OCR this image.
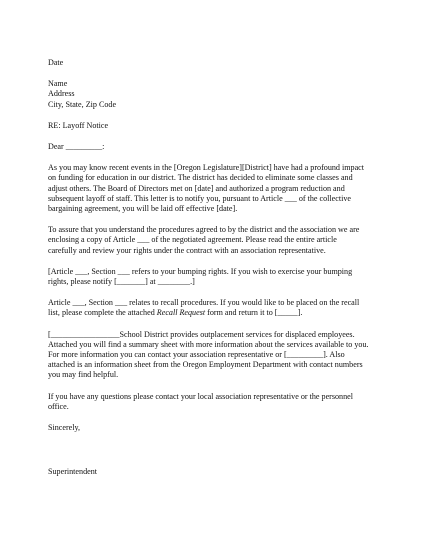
Date
Name
Address
City, State, Zip Code
RE: Layoff Notice
Dear _________:
As you may know recent events in the [Oregon Legislature][District] have had a profound impact
on funding for education in our district. The district has decided to eliminate some classes and
adjust others. The Board of Directors met on [date] and authorized a program reduction and
subsequent layoff of staff. This letter is to notify you, pursuant to Article ___ of the collective
bargaining agreement, you will be laid off effective [date].
To assure that you understand the procedures agreed to by the district and the association we are
enclosing a copy of Article ___ of the negotiated agreement. Please read the entire article
carefully and review your rights under the contract with an association representative.
[Article ___, Section ___ refers to your bumping rights. If you wish to exercise your bumping
rights, please notify [_______] at ________.]
Article ___, Section ___ relates to recall procedures. If you would like to be placed on the recall
list, please complete the attached Recall Request form and return it to [_____].
[_________________School District provides outplacement services for displaced employees.
Attached you will find a summary sheet with more information about the services available to you.
For more information you can contact your association representative or [_________]. Also
attached is an information sheet from the Oregon Employment Department with contact numbers
you may find helpful.
If you have any questions please contact your local association representative or the personnel
office.
Sincerely,
Superintendent
